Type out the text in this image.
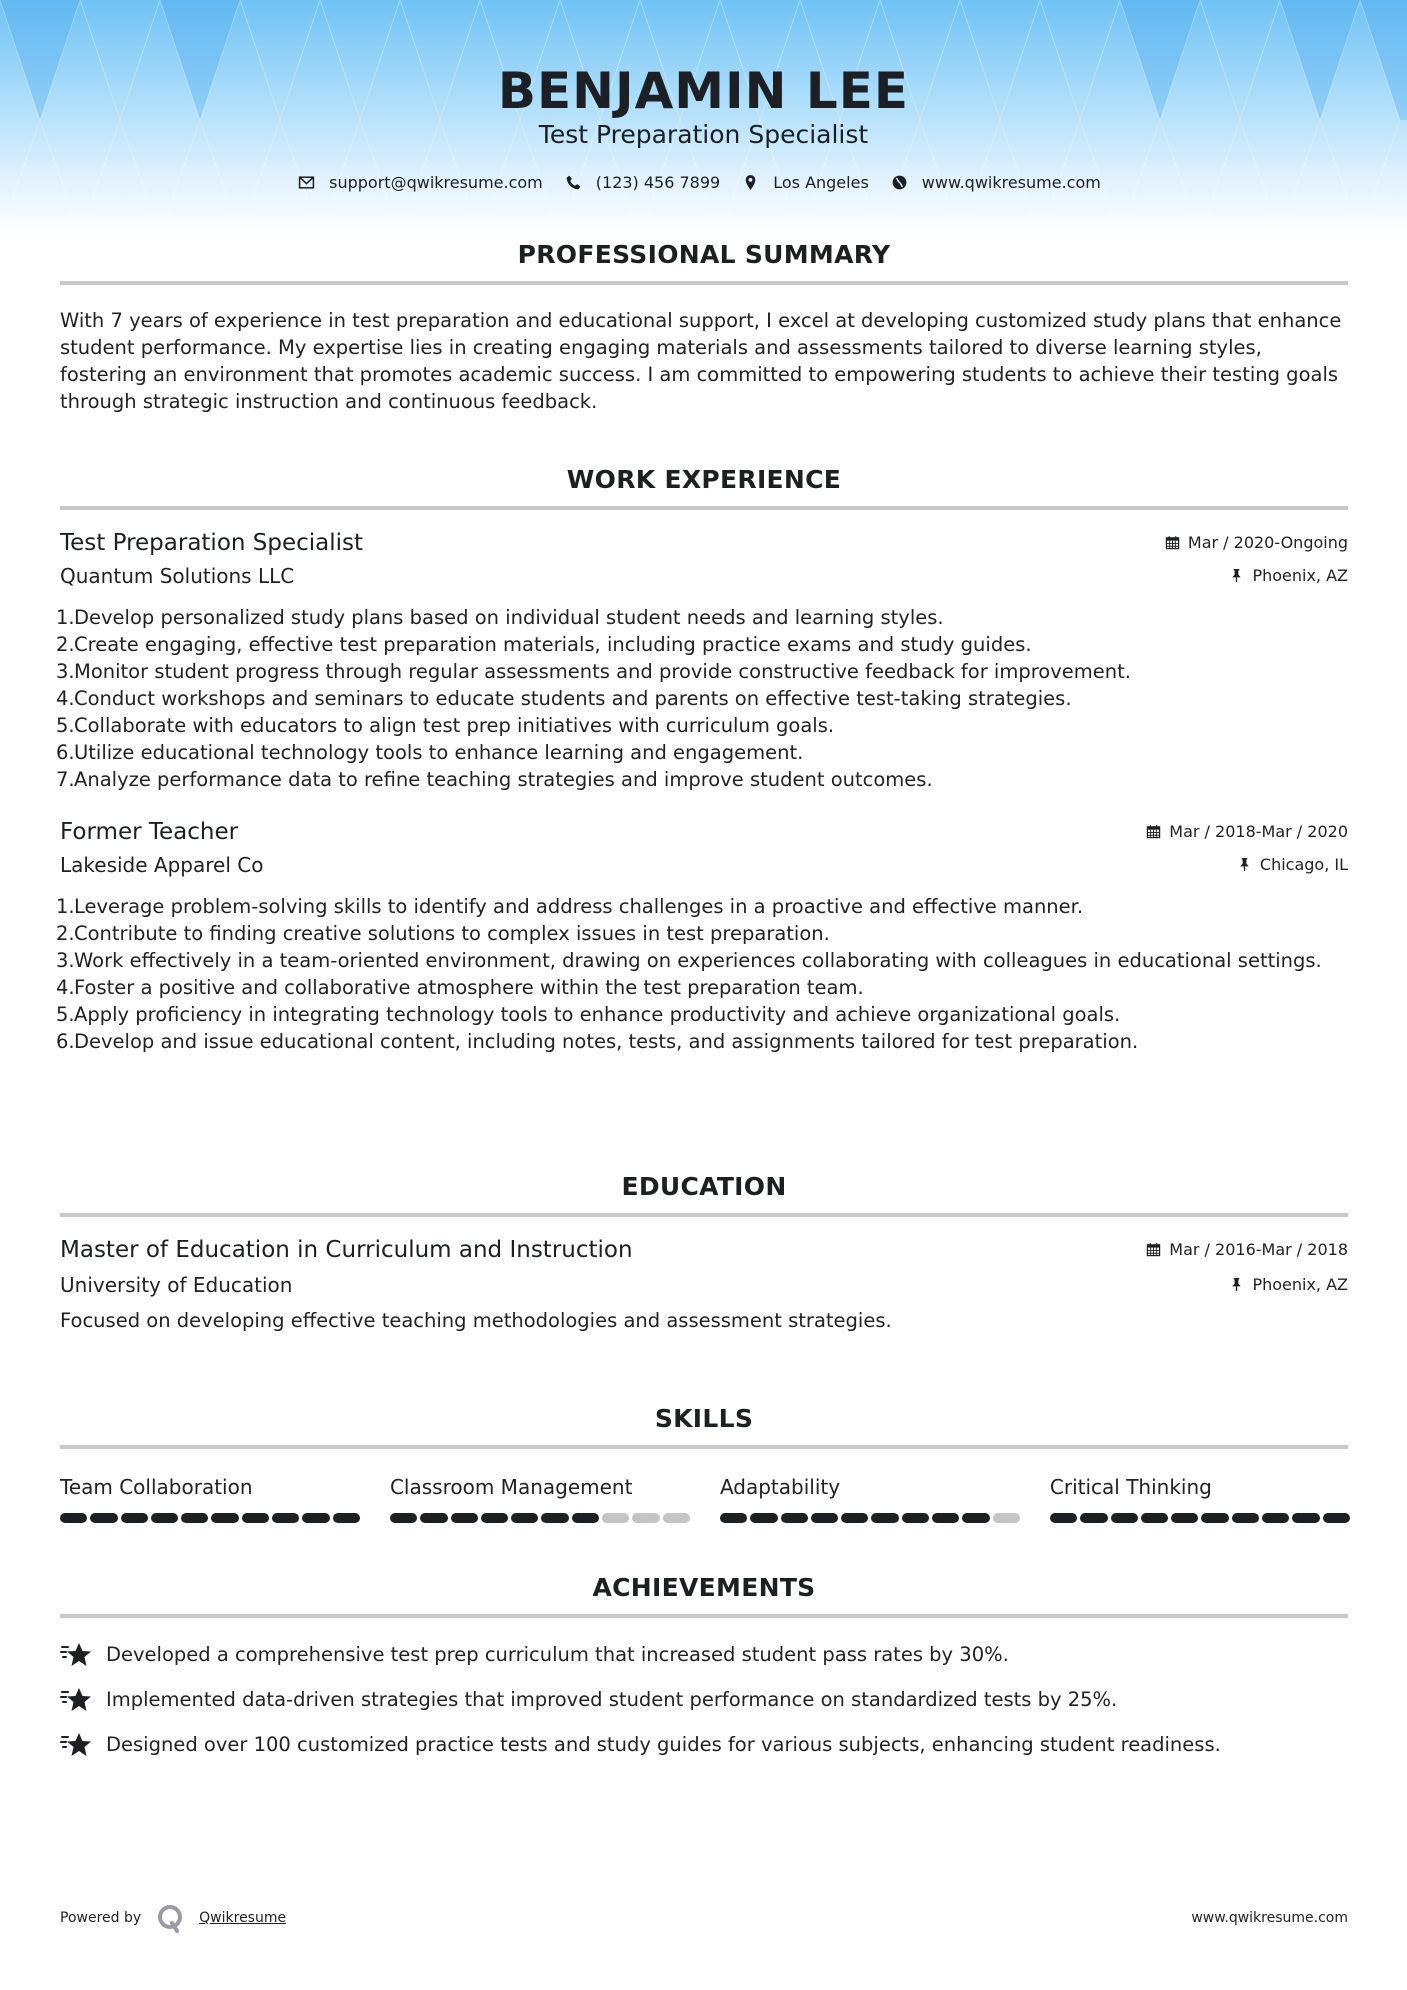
BENJAMIN LEE
Test Preparation Specialist
support@qwikresume.com	(123) 456 7899	Los Angeles	www.qwikresume.com
PROFESSIONAL SUMMARY

With 7 years of experience in test preparation and educational support, I excel at developing customized study plans that enhance student performance. My expertise lies in creating engaging materials and assessments tailored to diverse learning styles, fostering an environment that promotes academic success. I am committed to empowering students to achieve their testing goals through strategic instruction and continuous feedback.

WORK EXPERIENCE
Test Preparation Specialist	Mar / 2020-Ongoing
Quantum Solutions LLC	Phoenix, AZ
1.
Develop personalized study plans based on individual student needs and learning styles.
2.
Create engaging, effective test preparation materials, including practice exams and study guides.
3.
Monitor student progress through regular assessments and provide constructive feedback for improvement.
4.
Conduct workshops and seminars to educate students and parents on effective test-taking strategies.
5.
Collaborate with educators to align test prep initiatives with curriculum goals.
6.
Utilize educational technology tools to enhance learning and engagement.
7.
Analyze performance data to refine teaching strategies and improve student outcomes.
Former Teacher	Mar / 2018-Mar / 2020
Lakeside Apparel Co	Chicago, IL
1.
Leverage problem-solving skills to identify and address challenges in a proactive and effective manner.
2.
Contribute to finding creative solutions to complex issues in test preparation.
3.
Work effectively in a team-oriented environment, drawing on experiences collaborating with colleagues in educational settings.
4.
Foster a positive and collaborative atmosphere within the test preparation team.
5.
Apply proficiency in integrating technology tools to enhance productivity and achieve organizational goals.
6.
Develop and issue educational content, including notes, tests, and assignments tailored for test preparation.
EDUCATION
Master of Education in Curriculum and Instruction	Mar / 2016-Mar / 2018
University of Education	Phoenix, AZ

Focused on developing effective teaching methodologies and assessment strategies.

SKILLS
Team Collaboration	Classroom Management	Adaptability	Critical Thinking
ACHIEVEMENTS
Developed a comprehensive test prep curriculum that increased student pass rates by 30%.
Implemented data-driven strategies that improved student performance on standardized tests by 25%.
Designed over 100 customized practice tests and study guides for various subjects, enhancing student readiness.
Powered by	Qwikresume	www.qwikresume.com
